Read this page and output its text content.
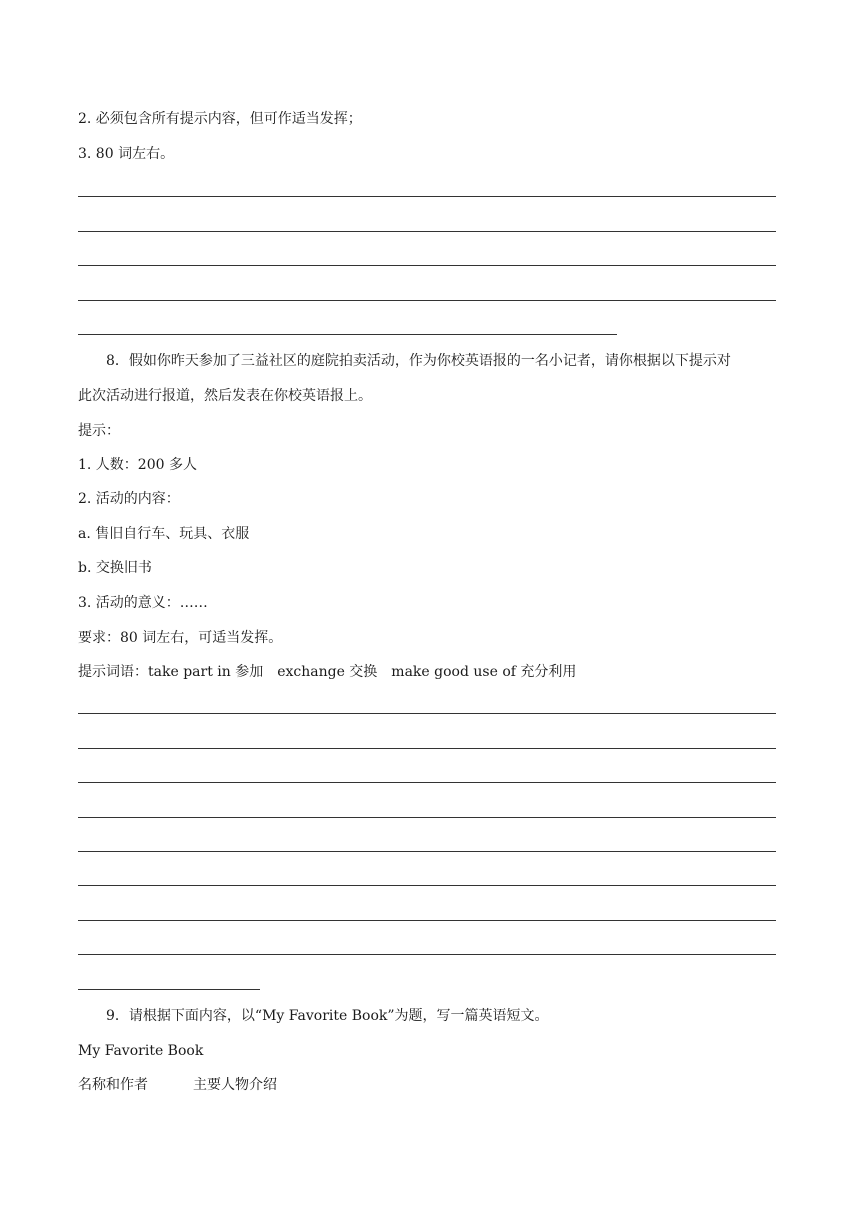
2. 必须包含所有提示内容，但可作适当发挥；
3. 80 词左右。
8．假如你昨天参加了三益社区的庭院拍卖活动，作为你校英语报的一名小记者，请你根据以下提示对
此次活动进行报道，然后发表在你校英语报上。
提示：
1. 人数：200 多人
2. 活动的内容：
a. 售旧自行车、玩具、衣服
b. 交换旧书
3. 活动的意义：……
要求：80 词左右，可适当发挥。
提示词语：take part in 参加　exchange 交换　make good use of 充分利用
9．请根据下面内容，以“My Favorite Book”为题，写一篇英语短文。
My Favorite Book
名称和作者	主要人物介绍
